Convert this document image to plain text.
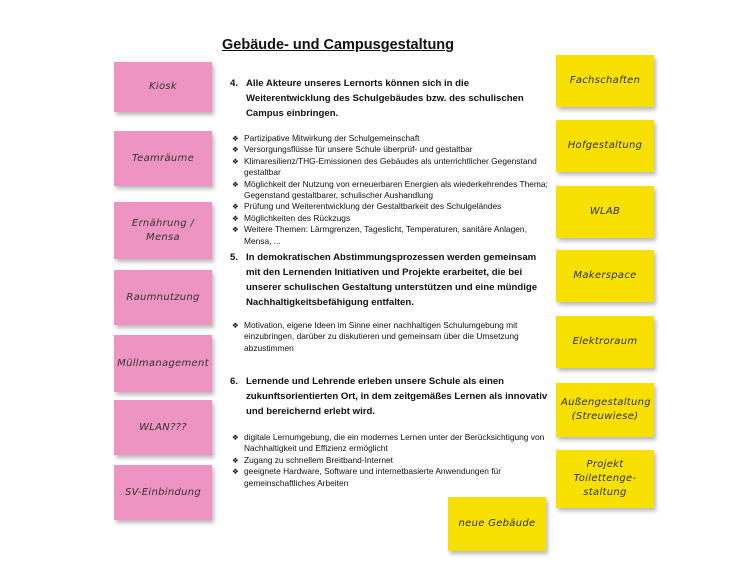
Gebäude- und Campusgestaltung
Kiosk
Teamräume
Ernährung / Mensa
Raumnutzung
Müllmanagement
WLAN???
SV-Einbindung
Fachschaften
Hofgestaltung
WLAB
Makerspace
Elektroraum
Außengestaltung (Streuwiese)
Projekt Toilettenge-staltung
neue Gebäude

4. Alle Akteure unseres Lernorts können sich in die Weiterentwicklung des Schulgebäudes bzw. des schulischen Campus einbringen.

❖ Partizipative Mitwirkung der Schulgemeinschaft
❖ Versorgungsflüsse für unsere Schule überprüf- und gestaltbar
❖ Klimaresilienz/THG-Emissionen des Gebäudes als unterrichtlicher Gegenstand gestaltbar
❖ Möglichkeit der Nutzung von erneuerbaren Energien als wiederkehrendes Thema; Gegenstand gestaltbarer, schulischer Aushandlung
❖ Prüfung und Weiterentwicklung der Gestaltbarkeit des Schulgeländes
❖ Möglichkeiten des Rückzugs
❖ Weitere Themen: Lärmgrenzen, Tageslicht, Temperaturen, sanitäre Anlagen, Mensa, ...

5. In demokratischen Abstimmungsprozessen werden gemeinsam mit den Lernenden Initiativen und Projekte erarbeitet, die bei unserer schulischen Gestaltung unterstützen und eine mündige Nachhaltigkeitsbefähigung entfalten.

❖ Motivation, eigene Ideen im Sinne einer nachhaltigen Schulumgebung mit einzubringen, darüber zu diskutieren und gemeinsam über die Umsetzung abzustimmen

6. Lernende und Lehrende erleben unsere Schule als einen zukunftsorientierten Ort, in dem zeitgemäßes Lernen als innovativ und bereichernd erlebt wird.

❖ digitale Lernumgebung, die ein modernes Lernen unter der Berücksichtigung von Nachhaltigkeit und Effizienz ermöglicht
❖ Zugang zu schnellem Breitband-Internet
❖ geeignete Hardware, Software und internetbasierte Anwendungen für gemeinschaftliches Arbeiten
